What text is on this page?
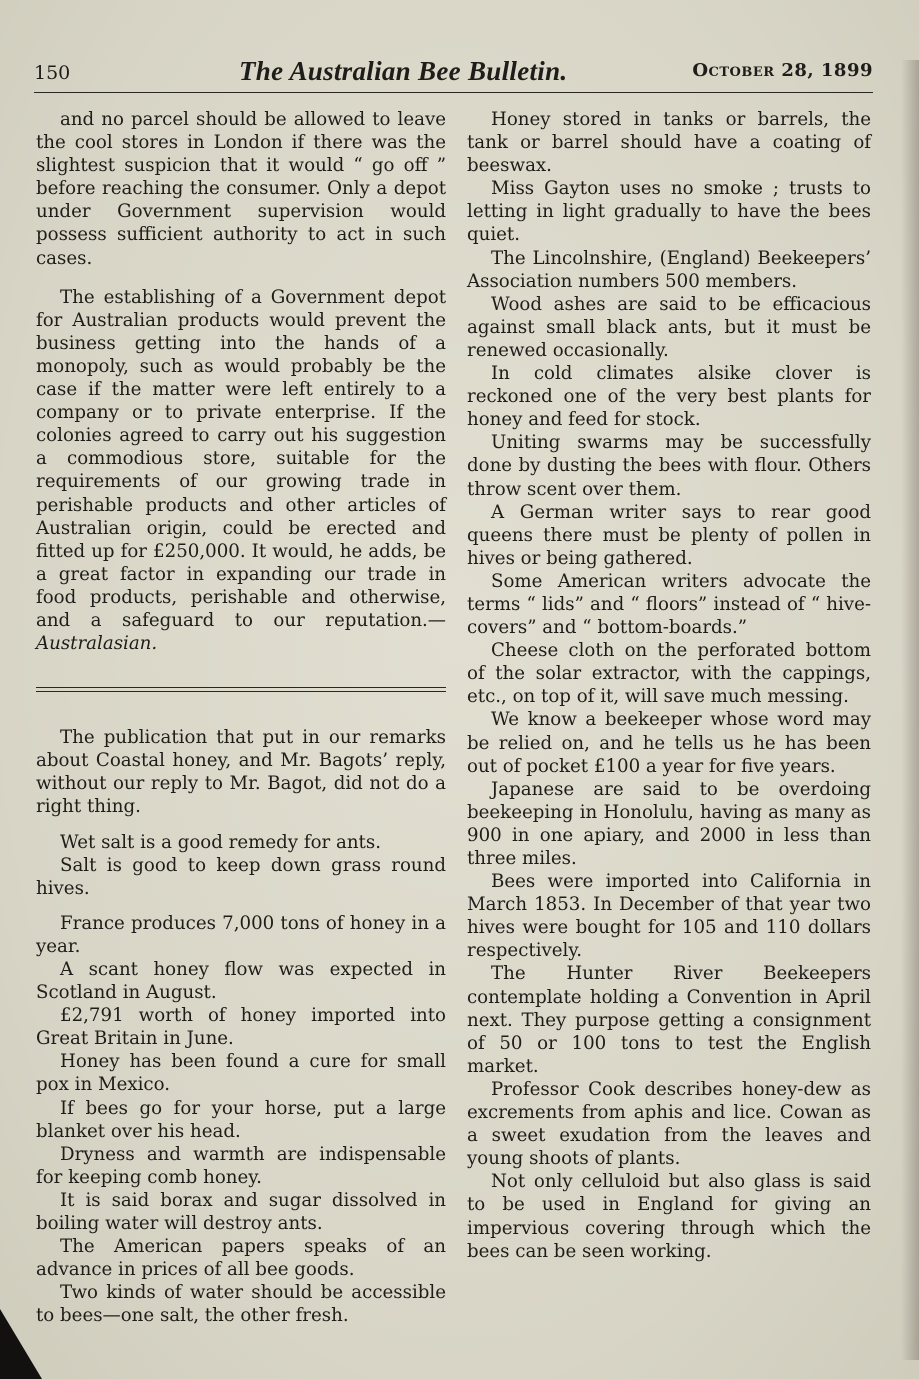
150	The Australian Bee Bulletin.	October 28, 1899

and no parcel should be allowed to leave the cool stores in London if there was the slightest suspicion that it would “ go off ” before reaching the consumer. Only a depot under Government supervision would possess sufficient authority to act in such cases.

The establishing of a Government depot for Australian products would prevent the business getting into the hands of a monopoly, such as would probably be the case if the matter were left entirely to a company or to private enterprise. If the colonies agreed to carry out his suggestion a commodious store, suitable for the requirements of our growing trade in perishable products and other articles of Australian origin, could be erected and fitted up for £250,000. It would, he adds, be a great factor in expanding our trade in food products, perishable and otherwise, and a safeguard to our reputation.—Australasian.

The publication that put in our remarks about Coastal honey, and Mr. Bagots’ reply, without our reply to Mr. Bagot, did not do a right thing.

Wet salt is a good remedy for ants.

Salt is good to keep down grass round hives.

France produces 7,000 tons of honey in a year.

A scant honey flow was expected in Scotland in August.

£2,791 worth of honey imported into Great Britain in June.

Honey has been found a cure for small pox in Mexico.

If bees go for your horse, put a large blanket over his head.

Dryness and warmth are indispensable for keeping comb honey.

It is said borax and sugar dissolved in boiling water will destroy ants.

The American papers speaks of an advance in prices of all bee goods.

Two kinds of water should be accessible to bees—one salt, the other fresh.

Honey stored in tanks or barrels, the tank or barrel should have a coating of beeswax.

Miss Gayton uses no smoke ; trusts to letting in light gradually to have the bees quiet.

The Lincolnshire, (England) Beekeepers’ Association numbers 500 members.

Wood ashes are said to be efficacious against small black ants, but it must be renewed occasionally.

In cold climates alsike clover is reckoned one of the very best plants for honey and feed for stock.

Uniting swarms may be successfully done by dusting the bees with flour. Others throw scent over them.

A German writer says to rear good queens there must be plenty of pollen in hives or being gathered.

Some American writers advocate the terms “ lids” and “ floors” instead of “ hive-covers” and “ bottom-boards.”

Cheese cloth on the perforated bottom of the solar extractor, with the cappings, etc., on top of it, will save much messing.

We know a beekeeper whose word may be relied on, and he tells us he has been out of pocket £100 a year for five years.

Japanese are said to be overdoing beekeeping in Honolulu, having as many as 900 in one apiary, and 2000 in less than three miles.

Bees were imported into California in March 1853. In December of that year two hives were bought for 105 and 110 dollars respectively.

The Hunter River Beekeepers contemplate holding a Convention in April next. They purpose getting a consignment of 50 or 100 tons to test the English market.

Professor Cook describes honey-dew as excrements from aphis and lice. Cowan as a sweet exudation from the leaves and young shoots of plants.

Not only celluloid but also glass is said to be used in England for giving an impervious covering through which the bees can be seen working.
